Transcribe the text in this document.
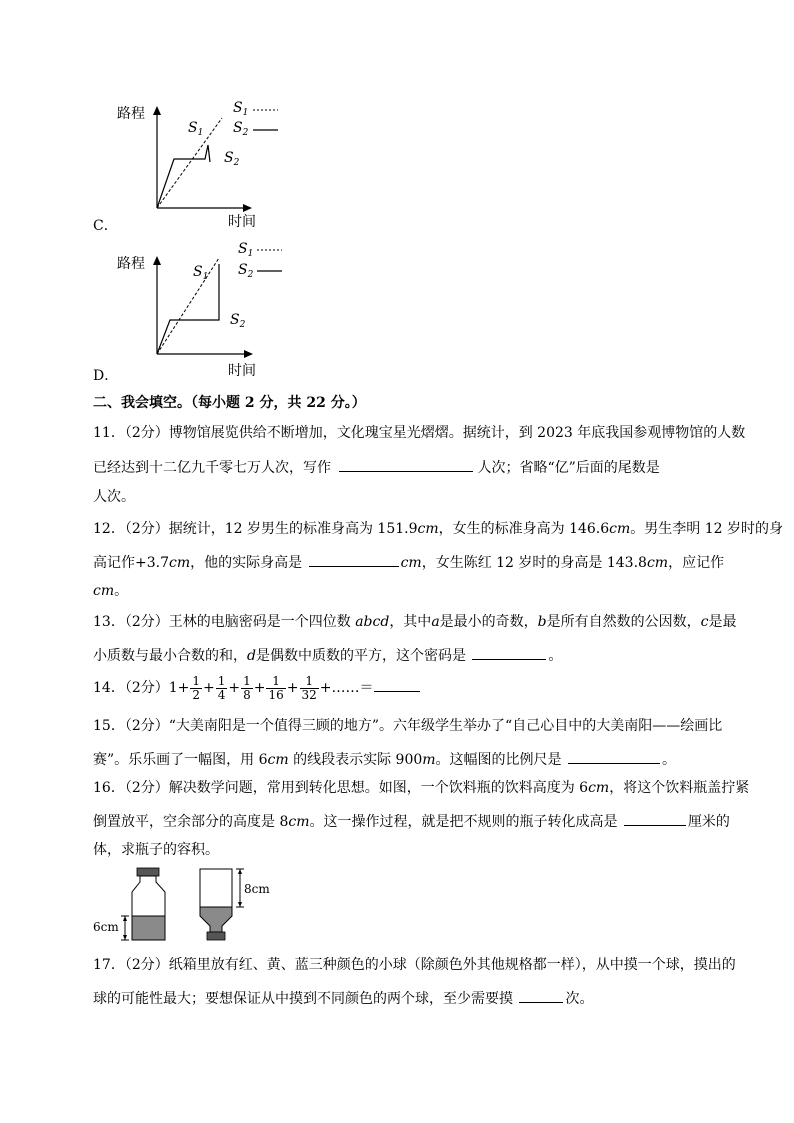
路程
时间
$S_1$
$S_2$
$S_1$
$S_2$
C．
路程
时间
$S_1$
$S_2$
$S_1$
$S_2$
D．
二、我会填空。（每小题 2 分，共 22 分。）
11．（2分）博物馆展览供给不断增加，文化瑰宝星光熠熠。据统计，到 2023 年底我国参观博物馆的人数
已经达到十二亿九千零七万人次，写作	人次；省略“亿”后面的尾数是
人次。
12．（2分）据统计，12 岁男生的标准身高为 151.9cm，女生的标准身高为 146.6cm。男生李明 12 岁时的身
高记作+3.7cm，他的实际身高是	cm，女生陈红 12 岁时的身高是 143.8cm，应记作
cm。
13．（2分）王林的电脑密码是一个四位数 abcd，其中a是最小的奇数，b是所有自然数的公因数，c是最
小质数与最小合数的和，d是偶数中质数的平方，这个密码是	。
14．（2分）$1+ \frac{1}{2} + \frac{1}{4} + \frac{1}{8} + \frac{1}{16} + \frac{1}{32}$ +……＝
15．（2分）“大美南阳是一个值得三顾的地方”。六年级学生举办了“自己心目中的大美南阳——绘画比
赛”。乐乐画了一幅图，用 6cm 的线段表示实际 900m。这幅图的比例尺是	。
16．（2分）解决数学问题，常用到转化思想。如图，一个饮料瓶的饮料高度为 6cm，将这个饮料瓶盖拧紧
倒置放平，空余部分的高度是 8cm。这一操作过程，就是把不规则的瓶子转化成高是	厘米的
体，求瓶子的容积。
6cm
8cm
17．（2分）纸箱里放有红、黄、蓝三种颜色的小球（除颜色外其他规格都一样），从中摸一个球，摸出的
球的可能性最大；要想保证从中摸到不同颜色的两个球，至少需要摸	次。
